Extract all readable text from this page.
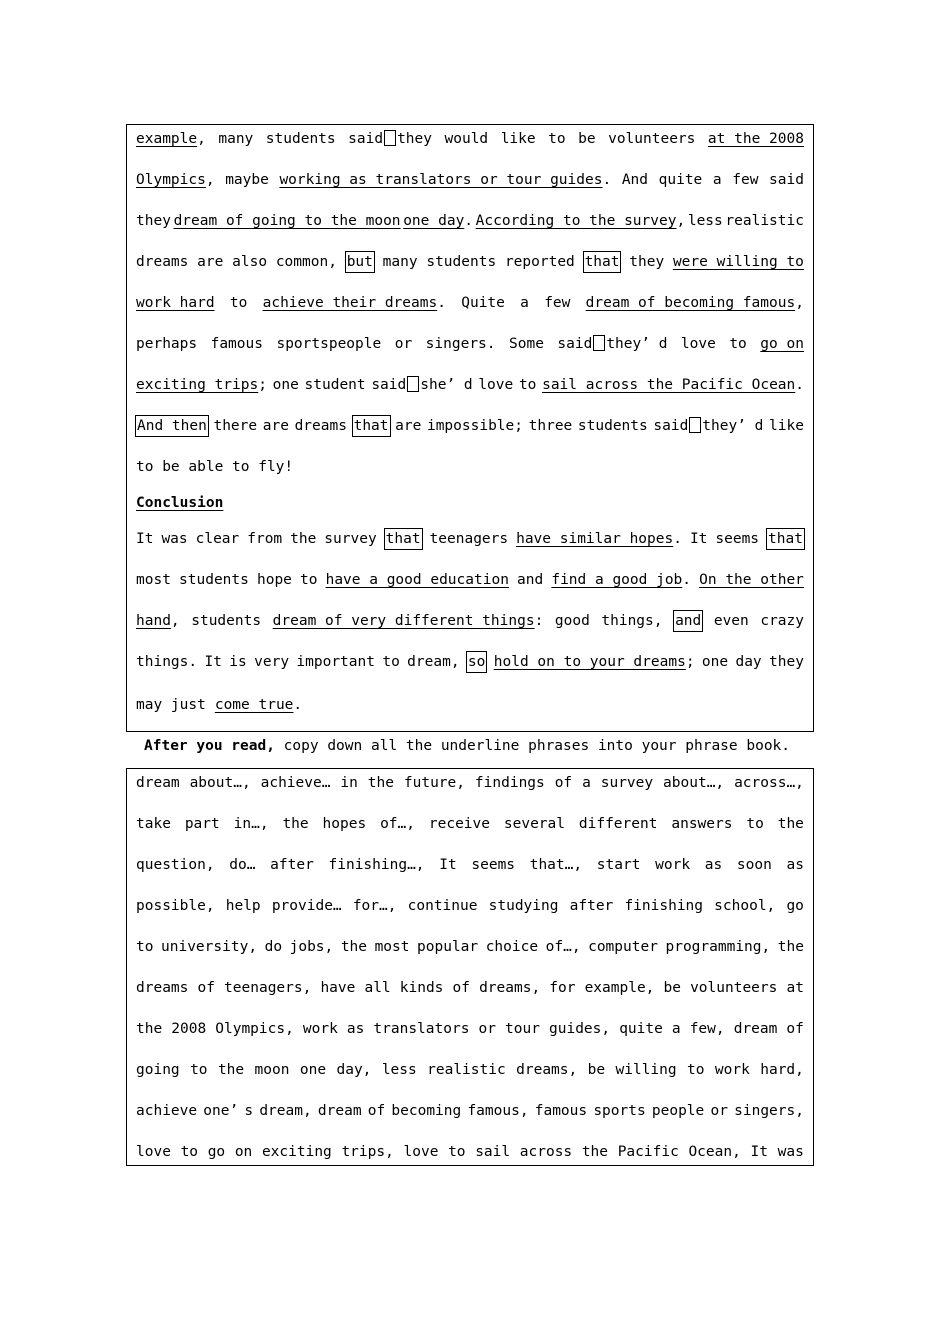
example, many students said they would like to be volunteers at the 2008
Olympics, maybe working as translators or tour guides. And quite a few said
they dream of going to the moon one day. According to the survey, less realistic
dreams are also common, but many students reported that they were willing to
work hard to achieve their dreams. Quite a few dream of becoming famous,
perhaps famous sportspeople or singers. Some said they’ d love to go on
exciting trips; one student said she’ d love to sail across the Pacific Ocean.
And then there are dreams that are impossible; three students said they’ d like
to be able to fly!
Conclusion
It was clear from the survey that teenagers have similar hopes. It seems that
most students hope to have a good education and find a good job. On the other
hand, students dream of very different things: good things, and even crazy
things. It is very important to dream, so hold on to your dreams; one day they
may just come true .
After you read, copy down all the underline phrases into your phrase book.
dream about…, achieve… in the future, findings of a survey about…, across…,
take part in…, the hopes of…, receive several different answers to the
question, do… after finishing…, It seems that…, start work as soon as
possible, help provide… for…, continue studying after finishing school, go
to university, do jobs, the most popular choice of…, computer programming, the
dreams of teenagers, have all kinds of dreams, for example, be volunteers at
the 2008 Olympics, work as translators or tour guides, quite a few, dream of
going to the moon one day, less realistic dreams, be willing to work hard,
achieve one’ s dream, dream of becoming famous, famous sports people or singers,
love to go on exciting trips, love to sail across the Pacific Ocean, It was
